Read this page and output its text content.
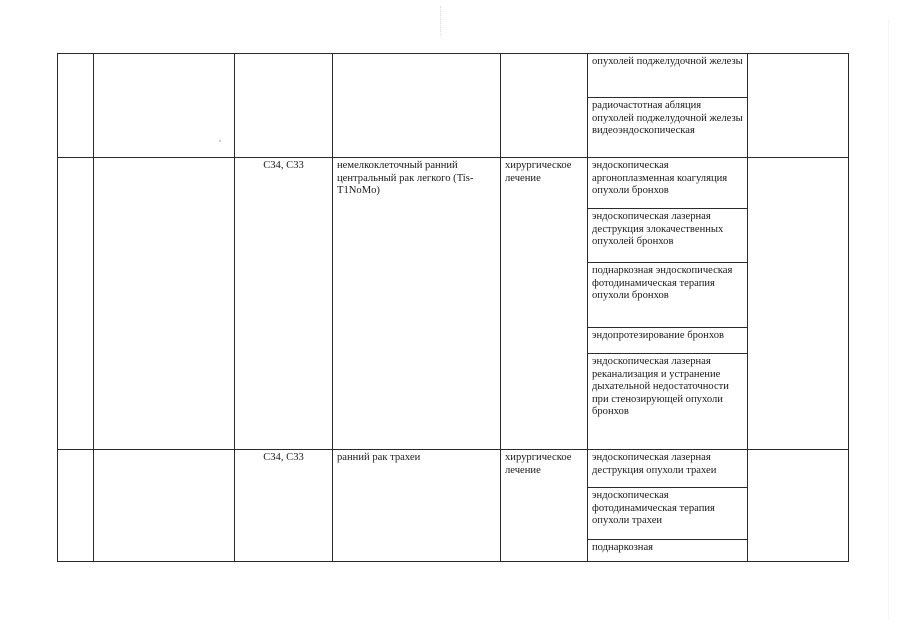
					опухолей поджелудочной железы	
					радиочастотная абляция опухолей поджелудочной железы видеоэндоскопическая	
		C34, C33	немелкоклеточный ранний центральный рак легкого (Tis-T1NoMo)	хирургическое лечение	эндоскопическая аргоноплазменная коагуляция опухоли бронхов	
					эндоскопическая лазерная деструкция злокачественных опухолей бронхов	
					поднаркозная эндоскопическая фотодинамическая терапия опухоли бронхов	
					эндопротезирование бронхов	
					эндоскопическая лазерная реканализация и устранение дыхательной недостаточности при стенозирующей опухоли бронхов	
		C34, C33	ранний рак трахеи	хирургическое лечение	эндоскопическая лазерная деструкция опухоли трахеи	
					эндоскопическая фотодинамическая терапия опухоли трахеи	
					поднаркозная	
